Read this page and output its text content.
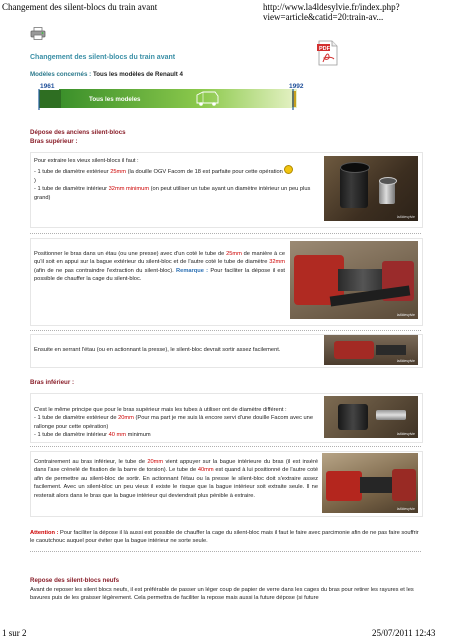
Changement des silent-blocs du train avant	http://www.la4ldesylvie.fr/index.php?view=article&catid=20:train-av...
PDF
Changement des silent-blocs du train avant
Modèles concernés : Tous les modèles de Renault 4
1961	1992
Tous les modeles
Dépose des anciens silent-blocs
Bras supérieur :

Pour extraire les vieux silent-blocs il faut :

- 1 tube de diamètre extérieur 25mm (la douille OGV Facom de 18 est parfaite pour cette opération

)

- 1 tube de diamètre intérieur 32mm minimum (on peut utiliser un tube ayant un diamètre intérieur un peu plus grand)

la4ldesylvie
la4ldesylvie
Positionner le bras dans un étau (ou une presse) avec d'un coté le tube de 25mm de manière à ce qu'il soit en appui sur la bague extérieur du silent-bloc et de l'autre coté le tube de diamètre 32mm (afin de ne pas contraindre l'extraction du silent-bloc). Remarque : Pour faciliter la dépose il est possible de chauffer la cage du silent-bloc.
Ensuite en serrant l'étau (ou en actionnant la presse), le silent-bloc devrait sortir assez facilement.
la4ldesylvie
Bras inférieur :

C'est le même principe que pour le bras supérieur mais les tubes à utiliser ont de diamètre différent :

- 1 tube de diamètre extérieur de 20mm (Pour ma part je me suis là encore servi d'une douille Facom avec une rallonge pour cette opération)

- 1 tube de diamètre intérieur 40 mm minimum	la4ldesylvie
la4ldesylvie
Contrairement au bras inférieur, le tube de 20mm vient appuyer sur la bague intérieure du bras (il est inséré dans l'axe crénelé de fixation de la barre de torsion). Le tube de 40mm est quand à lui positionné de l'autre coté afin de permettre au silent-bloc de sortir. En actionnant l'étau ou la presse le silent-bloc doit s'extraire assez facilement. Avec un silent-bloc un peu vieux il existe le risque que la bague intérieur soit extraite seule. Il ne resterait alors dans le bras que la bague intérieur qui deviendrait plus pénible à extraire.
Attention : Pour faciliter la dépose il là aussi est possible de chauffer la cage du silent-bloc mais il faut le faire avec parcimonie afin de ne pas faire souffrir le caoutchouc auquel pour éviter que la bague intérieur ne sorte seule.
Repose des silent-blocs neufs
Avant de reposer les silent blocs neufs, il est préférable de passer un léger coup de papier de verre dans les cages du bras pour retirer les rayures et les bavures puis de les graisser légèrement. Cela permettra de faciliter la repose mais aussi la future dépose (si future
1 sur 2	25/07/2011 12:43
